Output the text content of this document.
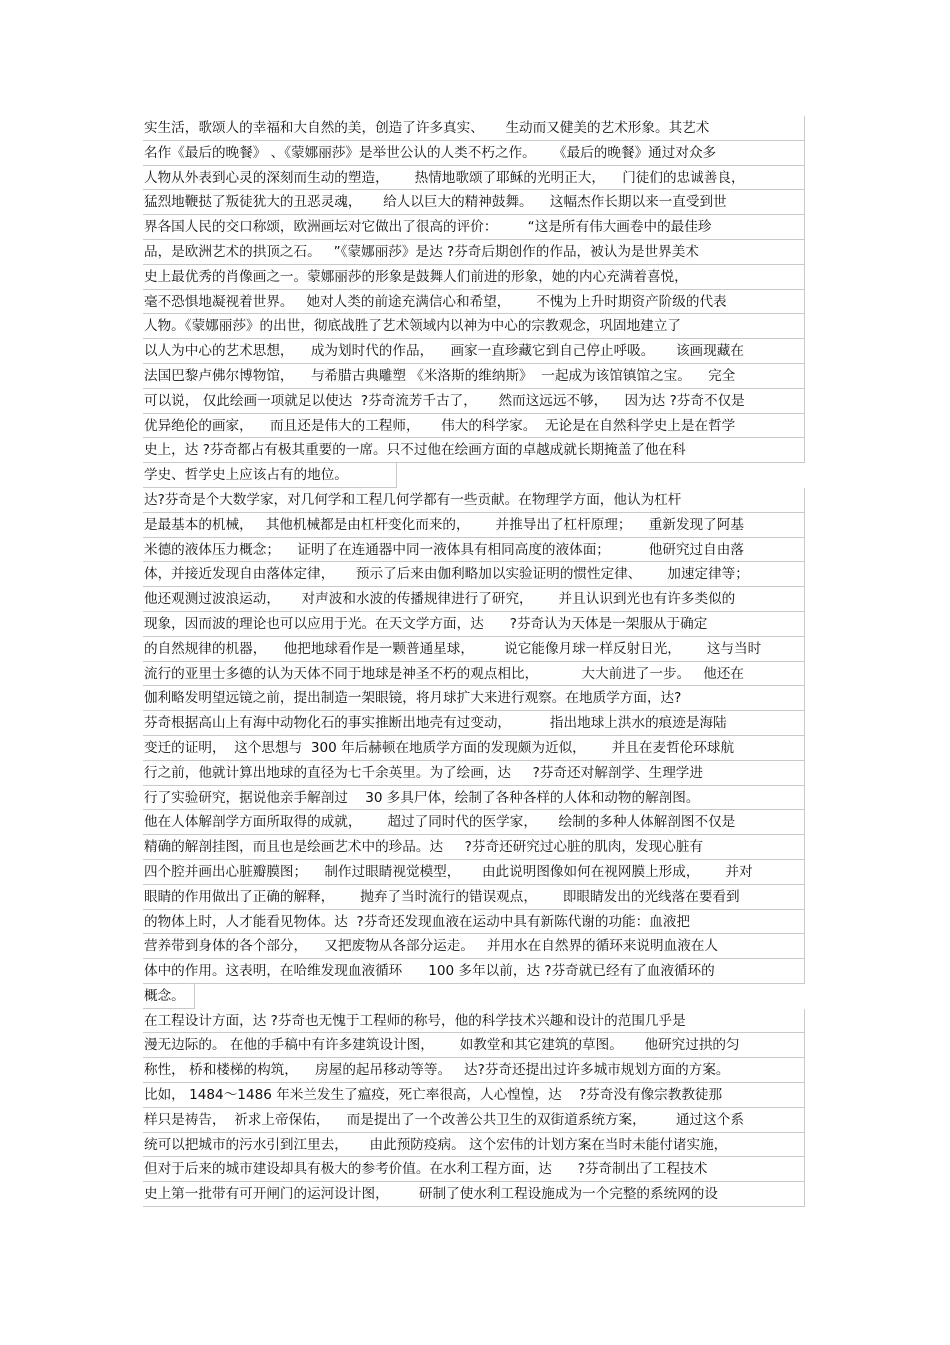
实生活，歌颂人的幸福和大自然的美，创造了许多真实、     生动而又健美的艺术形象。其艺术
名作《最后的晚餐》 、《蒙娜丽莎》是举世公认的人类不朽之作。    《最后的晚餐》通过对众多
人物从外表到心灵的深刻而生动的塑造，      热情地歌颂了耶稣的光明正大，    门徒们的忠诚善良，
猛烈地鞭挞了叛徒犹大的丑恶灵魂，     给人以巨大的精神鼓舞。    这幅杰作长期以来一直受到世
界各国人民的交口称颂，欧洲画坛对它做出了很高的评价：       “这是所有伟大画卷中的最佳珍
品，是欧洲艺术的拱顶之石。   ”《蒙娜丽莎》是达 ?芬奇后期创作的作品，被认为是世界美术
史上最优秀的肖像画之一。蒙娜丽莎的形象是鼓舞人们前进的形象，她的内心充满着喜悦，
毫不恐惧地凝视着世界。   她对人类的前途充满信心和希望，      不愧为上升时期资产阶级的代表
人物。《蒙娜丽莎》的出世，彻底战胜了艺术领域内以神为中心的宗教观念，巩固地建立了
以人为中心的艺术思想，    成为划时代的作品，    画家一直珍藏它到自己停止呼吸。     该画现藏在
法国巴黎卢佛尔博物馆，    与希腊古典雕塑 《米洛斯的维纳斯》  一起成为该馆镇馆之宝。    完全
可以说， 仅此绘画一项就足以使达  ?芬奇流芳千古了，     然而这远远不够，    因为达 ?芬奇不仅是
优异绝伦的画家，    而且还是伟大的工程师，     伟大的科学家。  无论是在自然科学史上是在哲学
史上，达 ?芬奇都占有极其重要的一席。只不过他在绘画方面的卓越成就长期掩盖了他在科
学史、哲学史上应该占有的地位。
达?芬奇是个大数学家，对几何学和工程几何学都有一些贡献。在物理学方面，他认为杠杆
是最基本的机械，   其他机械都是由杠杆变化而来的，      并推导出了杠杆原理；    重新发现了阿基
米德的液体压力概念；    证明了在连通器中同一液体具有相同高度的液体面；         他研究过自由落
体，并接近发现自由落体定律，     预示了后来由伽利略加以实验证明的惯性定律、      加速定律等；
他还观测过波浪运动，     对声波和水波的传播规律进行了研究，      并且认识到光也有许多类似的
现象，因而波的理论也可以应用于光。在天文学方面，达      ?芬奇认为天体是一架服从于确定
的自然规律的机器，    他把地球看作是一颗普通星球，       说它能像月球一样反射日光，      这与当时
流行的亚里士多德的认为天体不同于地球是神圣不朽的观点相比，          大大前进了一步。   他还在
伽利略发明望远镜之前，提出制造一架眼镜，将月球扩大来进行观察。在地质学方面，达?
芬奇根据高山上有海中动物化石的事实推断出地壳有过变动，         指出地球上洪水的痕迹是海陆
变迁的证明，  这个思想与  300 年后赫顿在地质学方面的发现颇为近似，      并且在麦哲伦环球航
行之前，他就计算出地球的直径为七千余英里。为了绘画，达     ?芬奇还对解剖学、生理学进
行了实验研究，据说他亲手解剖过    30 多具尸体，绘制了各种各样的人体和动物的解剖图。
他在人体解剖学方面所取得的成就，      超过了同时代的医学家，     绘制的多种人体解剖图不仅是
精确的解剖挂图，而且也是绘画艺术中的珍品。达     ?芬奇还研究过心脏的肌肉，发现心脏有
四个腔并画出心脏瓣膜图；    制作过眼睛视觉模型，     由此说明图像如何在视网膜上形成，      并对
眼睛的作用做出了正确的解释，      抛弃了当时流行的错误观点，      即眼睛发出的光线落在要看到
的物体上时，人才能看见物体。达  ?芬奇还发现血液在运动中具有新陈代谢的功能：血液把
营养带到身体的各个部分，    又把废物从各部分运走。   并用水在自然界的循环来说明血液在人
体中的作用。这表明，在哈维发现血液循环      100 多年以前，达 ?芬奇就已经有了血液循环的
概念。
在工程设计方面，达 ?芬奇也无愧于工程师的称号，他的科学技术兴趣和设计的范围几乎是
漫无边际的。 在他的手稿中有许多建筑设计图，      如教堂和其它建筑的草图。     他研究过拱的匀
称性， 桥和楼梯的构筑，    房屋的起吊移动等等。   达?芬奇还提出过许多城市规划方面的方案。
比如， 1484～1486 年米兰发生了瘟疫，死亡率很高，人心惶惶，达    ?芬奇没有像宗教教徒那
样只是祷告，  祈求上帝保佑，    而是提出了一个改善公共卫生的双街道系统方案，       通过这个系
统可以把城市的污水引到江里去，     由此预防疫病。 这个宏伟的计划方案在当时未能付诸实施，
但对于后来的城市建设却具有极大的参考价值。在水利工程方面，达      ?芬奇制出了工程技术
史上第一批带有可开闸门的运河设计图，       研制了使水利工程设施成为一个完整的系统网的设
